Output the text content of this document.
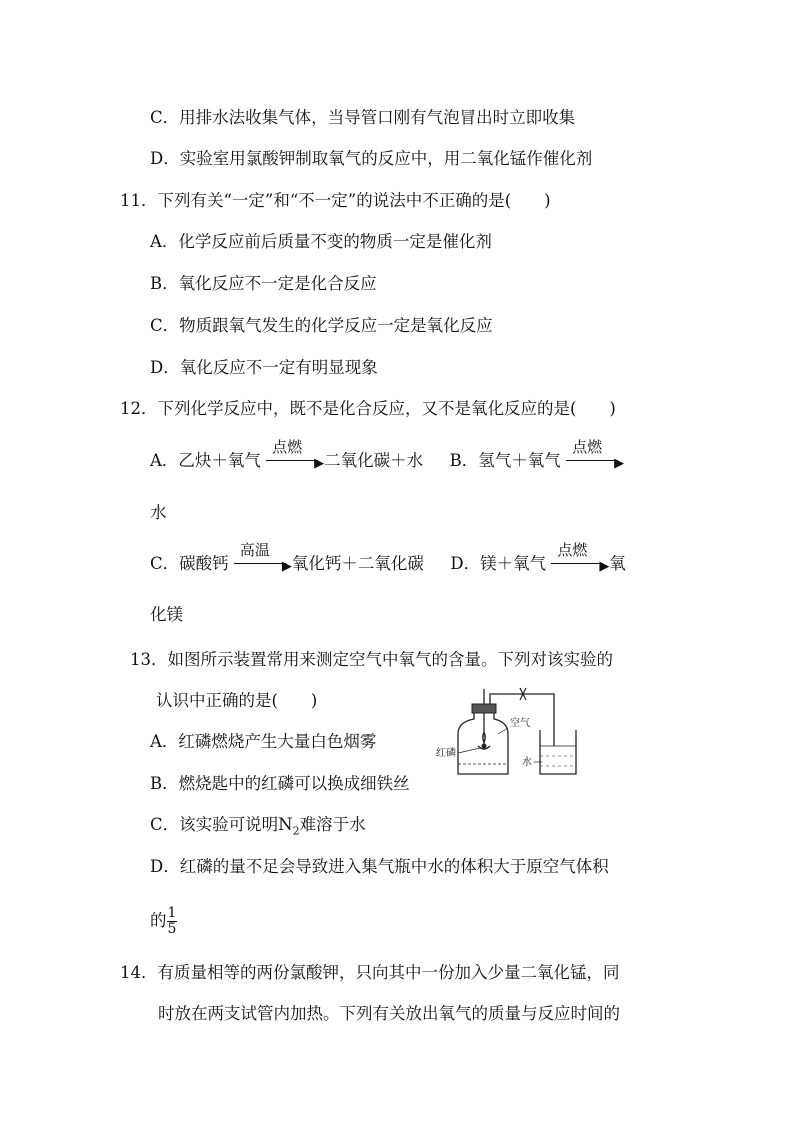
C．用排水法收集气体，当导管口刚有气泡冒出时立即收集
D．实验室用氯酸钾制取氧气的反应中，用二氧化锰作催化剂
11．下列有关“一定”和“不一定”的说法中不正确的是(　　)
A．化学反应前后质量不变的物质一定是催化剂
B．氧化反应不一定是化合反应
C．物质跟氧气发生的化学反应一定是氧化反应
D．氧化反应不一定有明显现象
12．下列化学反应中，既不是化合反应，又不是氧化反应的是(　　)
A．乙炔＋氧气
点燃
▶ 二氧化碳＋水 B．氢气＋氧气
点燃
▶
水
C．碳酸钙
高温
▶ 氧化钙＋二氧化碳 D．镁＋氧气
点燃
▶ 氧
化镁
13．如图所示装置常用来测定空气中氧气的含量。下列对该实验的
认识中正确的是(　　)
A．红磷燃烧产生大量白色烟雾
B．燃烧匙中的红磷可以换成细铁丝
C．该实验可说明$N_2$难溶于水
D．红磷的量不足会导致进入集气瓶中水的体积大于原空气体积
的 $\frac{1}{5}$
空气
红磷
水
14．有质量相等的两份氯酸钾，只向其中一份加入少量二氧化锰，同
时放在两支试管内加热。下列有关放出氧气的质量与反应时间的
